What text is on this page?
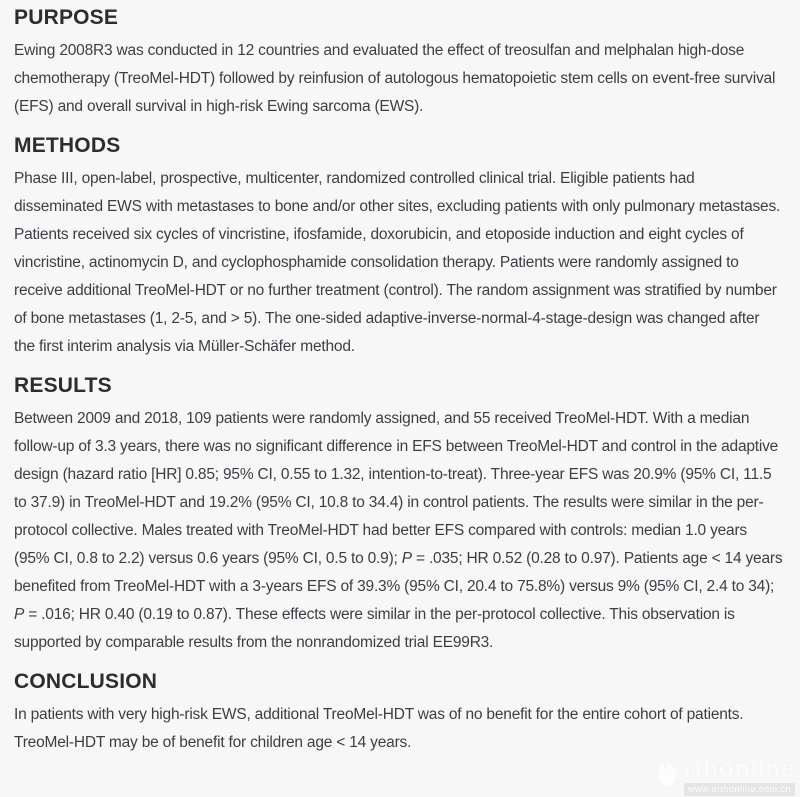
PURPOSE

Ewing 2008R3 was conducted in 12 countries and evaluated the effect of treosulfan and melphalan high-dose chemotherapy (TreoMel-HDT) followed by reinfusion of autologous hematopoietic stem cells on event-free survival (EFS) and overall survival in high-risk Ewing sarcoma (EWS).

METHODS

Phase III, open-label, prospective, multicenter, randomized controlled clinical trial. Eligible patients had disseminated EWS with metastases to bone and/or other sites, excluding patients with only pulmonary metastases. Patients received six cycles of vincristine, ifosfamide, doxorubicin, and etoposide induction and eight cycles of vincristine, actinomycin D, and cyclophosphamide consolidation therapy. Patients were randomly assigned to receive additional TreoMel-HDT or no further treatment (control). The random assignment was stratified by number of bone metastases (1, 2-5, and > 5). The one-sided adaptive-inverse-normal-4-stage-design was changed after the first interim analysis via Müller-Schäfer method.

RESULTS

Between 2009 and 2018, 109 patients were randomly assigned, and 55 received TreoMel-HDT. With a median follow-up of 3.3 years, there was no significant difference in EFS between TreoMel-HDT and control in the adaptive design (hazard ratio [HR] 0.85; 95% CI, 0.55 to 1.32, intention-to-treat). Three-year EFS was 20.9% (95% CI, 11.5 to 37.9) in TreoMel-HDT and 19.2% (95% CI, 10.8 to 34.4) in control patients. The results were similar in the per-protocol collective. Males treated with TreoMel-HDT had better EFS compared with controls: median 1.0 years (95% CI, 0.8 to 2.2) versus 0.6 years (95% CI, 0.5 to 0.9); P = .035; HR 0.52 (0.28 to 0.97). Patients age < 14 years benefited from TreoMel-HDT with a 3-years EFS of 39.3% (95% CI, 20.4 to 75.8%) versus 9% (95% CI, 2.4 to 34); P = .016; HR 0.40 (0.19 to 0.87). These effects were similar in the per-protocol collective. This observation is supported by comparable results from the nonrandomized trial EE99R3.

CONCLUSION

In patients with very high-risk EWS, additional TreoMel-HDT was of no benefit for the entire cohort of patients. TreoMel-HDT may be of benefit for children age < 14 years.

rthonline
www.orthonline.com.cn
